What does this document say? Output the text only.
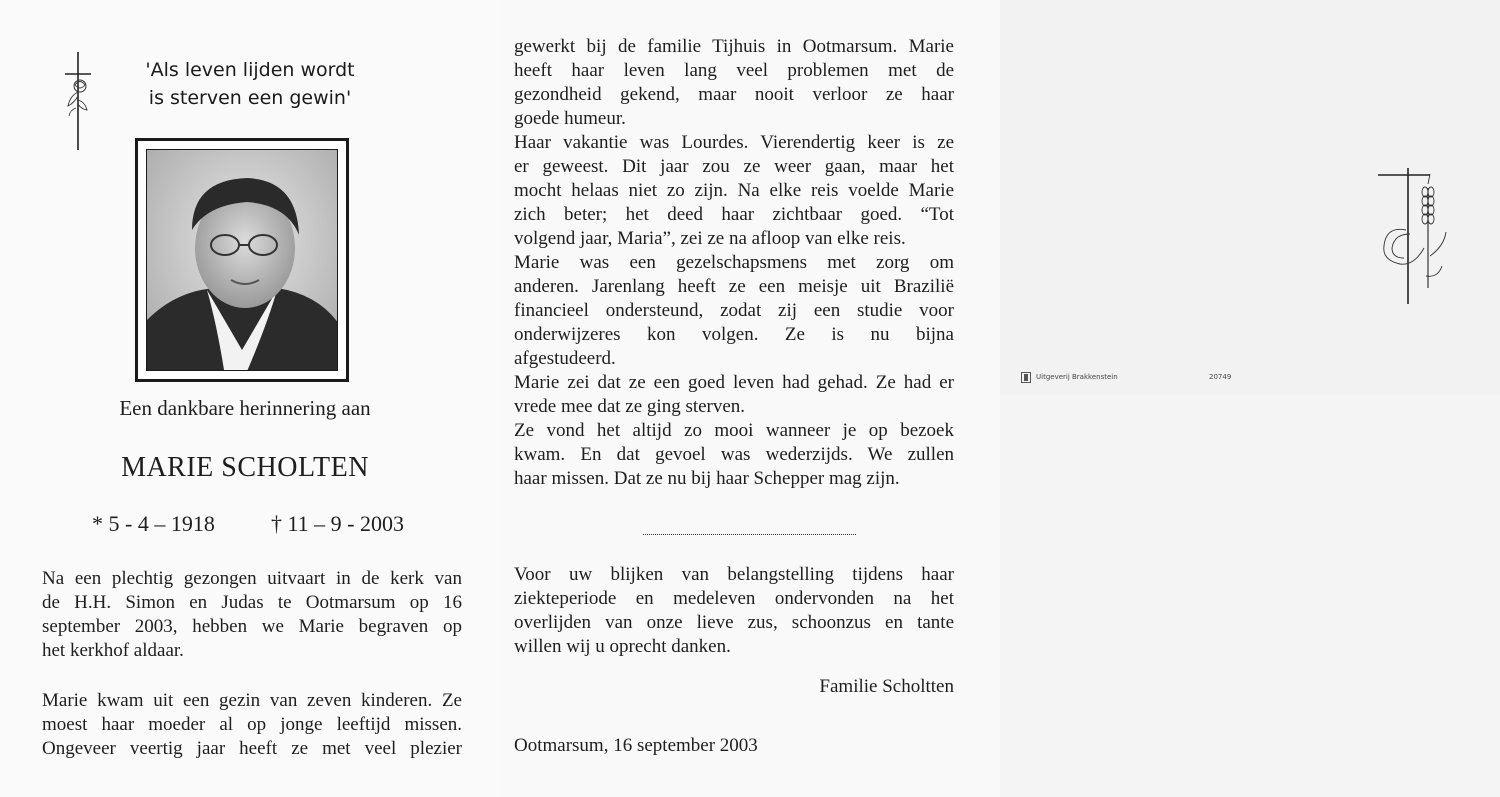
'Als leven lijden wordt
is sterven een gewin'
Een dankbare herinnering aan
MARIE SCHOLTEN
* 5 - 4 – 1918	† 11 – 9 - 2003
Na een plechtig gezongen uitvaart in de kerk van
de H.H. Simon en Judas te Ootmarsum op 16
september 2003, hebben we Marie begraven op
het kerkhof aldaar.
Marie kwam uit een gezin van zeven kinderen. Ze
moest haar moeder al op jonge leeftijd missen.
Ongeveer veertig jaar heeft ze met veel plezier
gewerkt bij de familie Tijhuis in Ootmarsum. Marie
heeft haar leven lang veel problemen met de
gezondheid gekend, maar nooit verloor ze haar
goede humeur.
Haar vakantie was Lourdes. Vierendertig keer is ze
er geweest. Dit jaar zou ze weer gaan, maar het
mocht helaas niet zo zijn. Na elke reis voelde Marie
zich beter; het deed haar zichtbaar goed. “Tot
volgend jaar, Maria”, zei ze na afloop van elke reis.
Marie was een gezelschapsmens met zorg om
anderen. Jarenlang heeft ze een meisje uit Brazilië
financieel ondersteund, zodat zij een studie voor
onderwijzeres kon volgen. Ze is nu bijna
afgestudeerd.
Marie zei dat ze een goed leven had gehad. Ze had er
vrede mee dat ze ging sterven.
Ze vond het altijd zo mooi wanneer je op bezoek
kwam. En dat gevoel was wederzijds. We zullen
haar missen. Dat ze nu bij haar Schepper mag zijn.
Voor uw blijken van belangstelling tijdens haar
ziekteperiode en medeleven ondervonden na het
overlijden van onze lieve zus, schoonzus en tante
willen wij u oprecht danken.
Familie Scholtten
Ootmarsum, 16 september 2003
Uitgeverij Brakkenstein	20749
